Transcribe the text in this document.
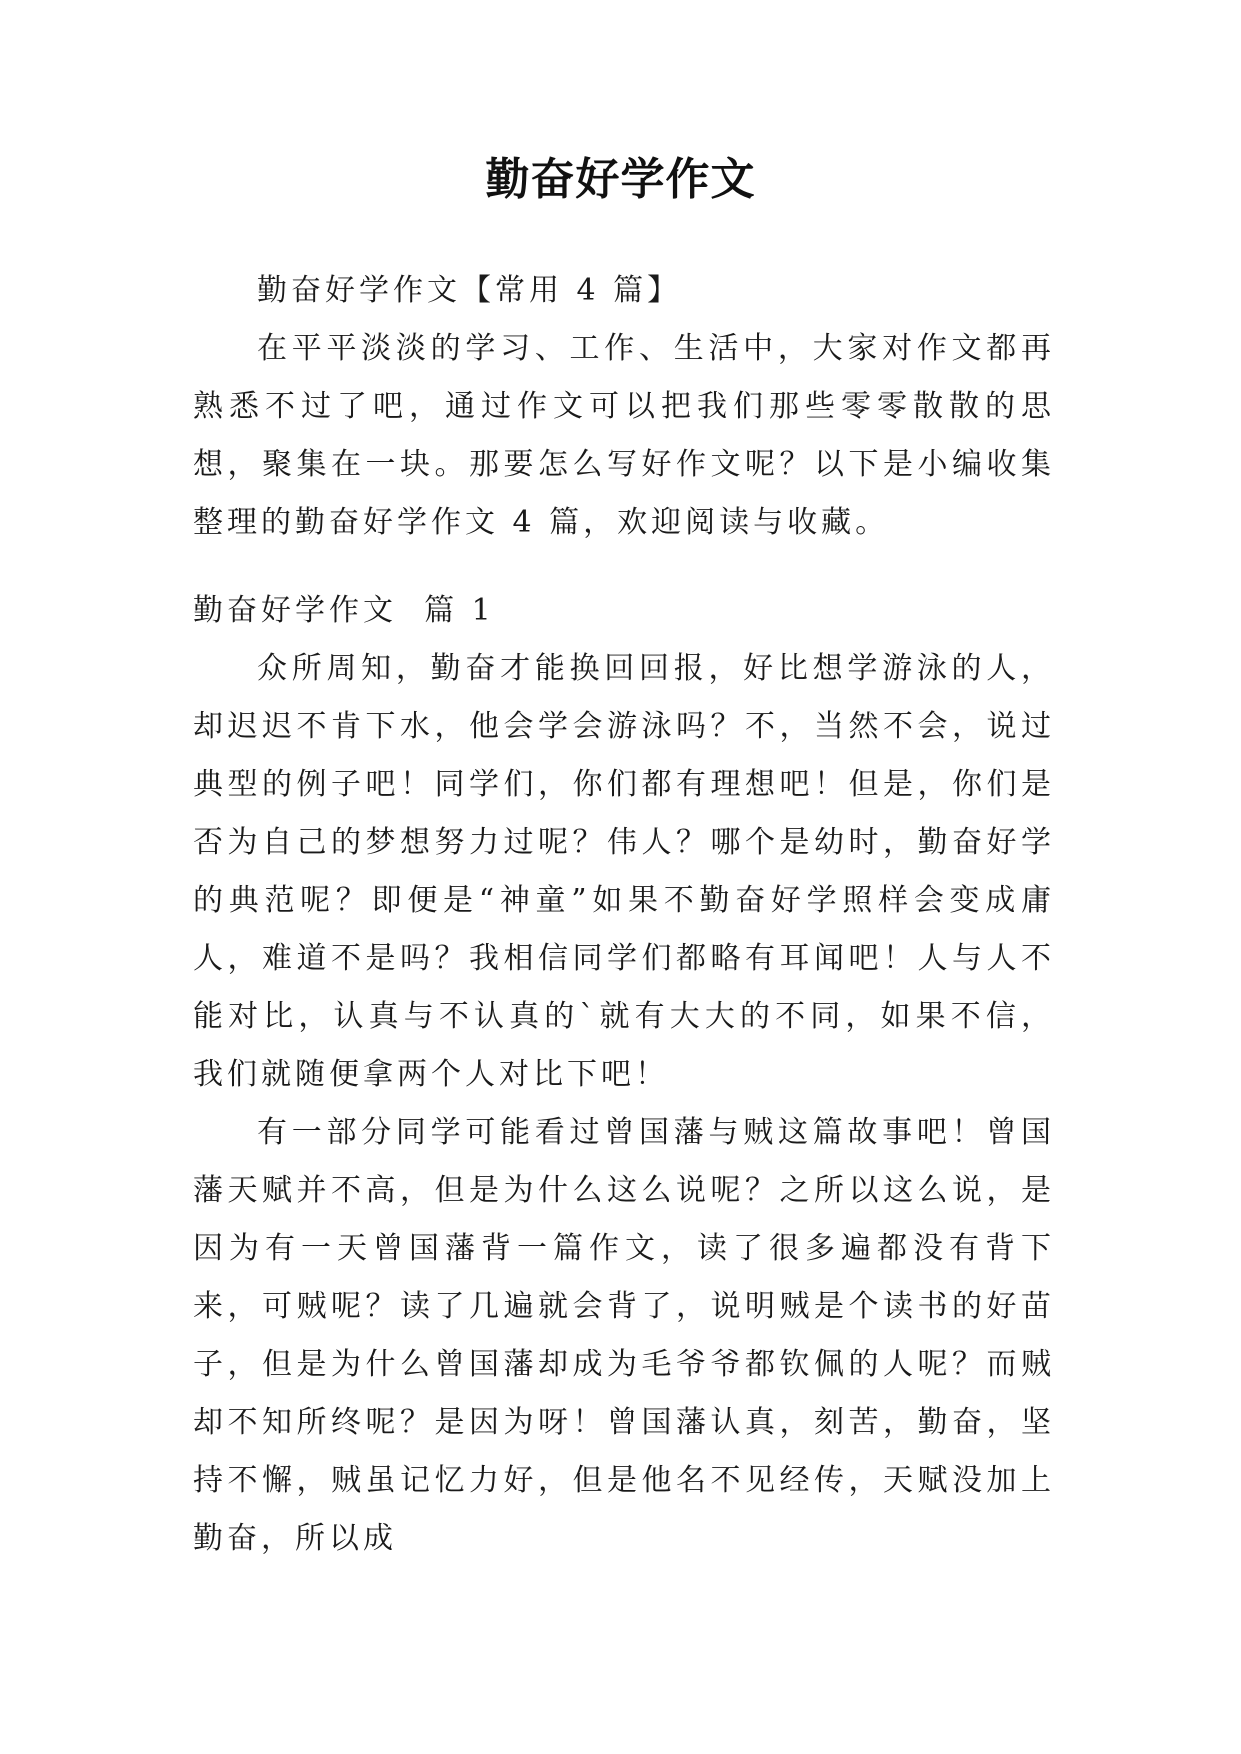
勤奋好学作文

勤奋好学作文【常用 4 篇】

在平平淡淡的学习、工作、生活中，大家对作文都再熟悉不过了吧，通过作文可以把我们那些零零散散的思想，聚集在一块。那要怎么写好作文呢？以下是小编收集整理的勤奋好学作文 4 篇，欢迎阅读与收藏。

勤奋好学作文  篇 1

众所周知，勤奋才能换回回报，好比想学游泳的人，却迟迟不肯下水，他会学会游泳吗？不，当然不会，说过典型的例子吧！同学们，你们都有理想吧！但是，你们是否为自己的梦想努力过呢？伟人？哪个是幼时，勤奋好学的典范呢？即便是“神童”如果不勤奋好学照样会变成庸人，难道不是吗？我相信同学们都略有耳闻吧！人与人不能对比，认真与不认真的`就有大大的不同，如果不信，我们就随便拿两个人对比下吧！

有一部分同学可能看过曾国藩与贼这篇故事吧！曾国藩天赋并不高，但是为什么这么说呢？之所以这么说，是因为有一天曾国藩背一篇作文，读了很多遍都没有背下来，可贼呢？读了几遍就会背了，说明贼是个读书的好苗子，但是为什么曾国藩却成为毛爷爷都钦佩的人呢？而贼却不知所终呢？是因为呀！曾国藩认真，刻苦，勤奋，坚持不懈，贼虽记忆力好，但是他名不见经传，天赋没加上勤奋，所以成
